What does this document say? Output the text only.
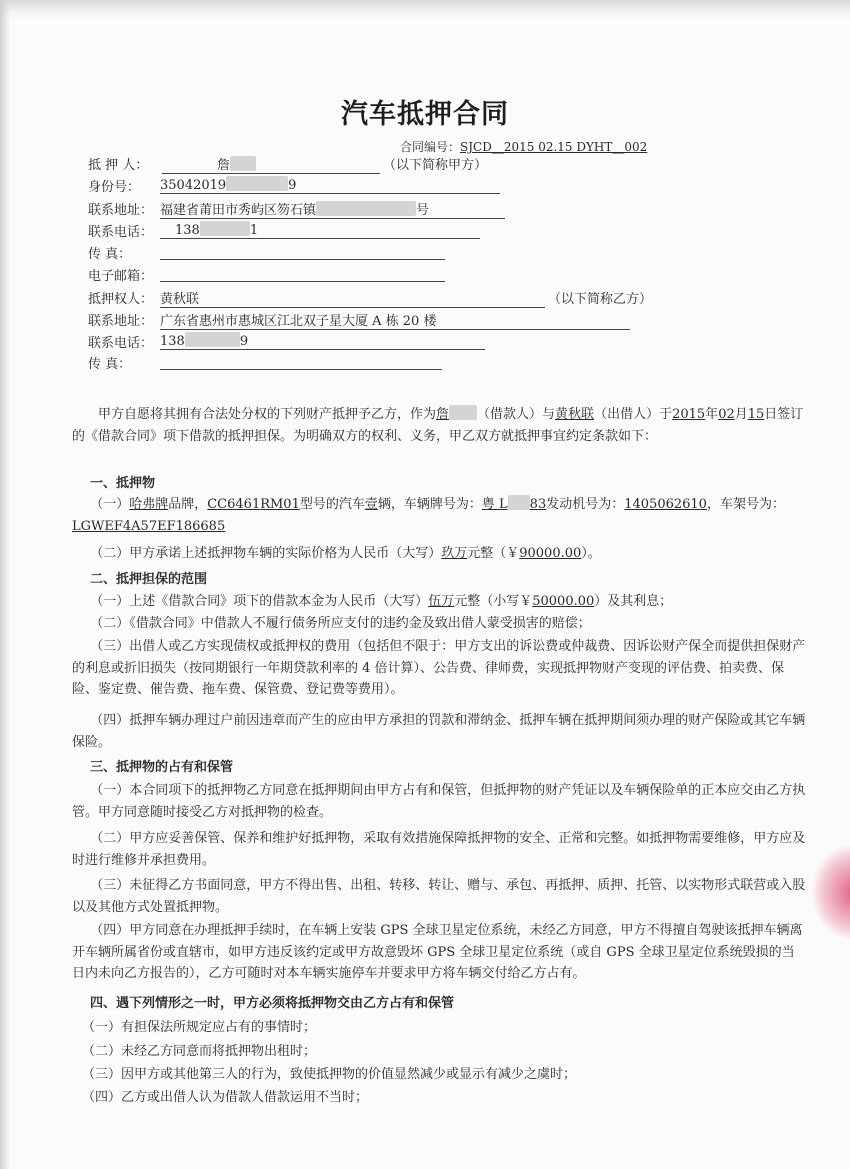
汽车抵押合同
合同编号：SJCD__2015 02.15 DYHT__002
抵 押 人：	詹	（以下简称甲方）
身份号： 35042019	9
联系地址： 福建省莆田市秀屿区笏石镇	号
联系电话：	138	1
传 真：
电子邮箱：
抵押权人： 黄秋联	（以下简称乙方）
联系地址： 广东省惠州市惠城区江北双子星大厦 A 栋 20 楼
联系电话： 138	9
传 真：
甲方自愿将其拥有合法处分权的下列财产抵押予乙方，作为詹 （借款人）与黄秋联（出借人）于2015年02月15日签订的《借款合同》项下借款的抵押担保。为明确双方的权利、义务，甲乙双方就抵押事宜约定条款如下：
一、抵押物
（一）哈弗牌品牌，CC6461RM01型号的汽车壹辆，车辆牌号为：粤 L 83发动机号为：1405062610，车架号为：LGWEF4A57EF186685
（二）甲方承诺上述抵押物车辆的实际价格为人民币（大写）玖万元整（￥90000.00）。
二、抵押担保的范围
（一）上述《借款合同》项下的借款本金为人民币（大写）伍万元整（小写￥50000.00）及其利息；
（二）《借款合同》中借款人不履行债务所应支付的违约金及致出借人蒙受损害的赔偿；
（三）出借人或乙方实现债权或抵押权的费用（包括但不限于：甲方支出的诉讼费或仲裁费、因诉讼财产保全而提供担保财产的利息或折旧损失（按同期银行一年期贷款利率的 4 倍计算）、公告费、律师费，实现抵押物财产变现的评估费、拍卖费、保险、鉴定费、催告费、拖车费、保管费、登记费等费用）。
（四）抵押车辆办理过户前因违章而产生的应由甲方承担的罚款和滞纳金、抵押车辆在抵押期间须办理的财产保险或其它车辆保险。
三、抵押物的占有和保管
（一）本合同项下的抵押物乙方同意在抵押期间由甲方占有和保管，但抵押物的财产凭证以及车辆保险单的正本应交由乙方执管。甲方同意随时接受乙方对抵押物的检查。
（二）甲方应妥善保管、保养和维护好抵押物，采取有效措施保障抵押物的安全、正常和完整。如抵押物需要维修，甲方应及时进行维修并承担费用。
（三）未征得乙方书面同意，甲方不得出售、出租、转移、转让、赠与、承包、再抵押、质押、托管、以实物形式联营或入股以及其他方式处置抵押物。
（四）甲方同意在办理抵押手续时，在车辆上安装 GPS 全球卫星定位系统，未经乙方同意，甲方不得擅自驾驶该抵押车辆离开车辆所属省份或直辖市，如甲方违反该约定或甲方故意毁坏 GPS 全球卫星定位系统（或自 GPS 全球卫星定位系统毁损的当日内未向乙方报告的），乙方可随时对本车辆实施停车并要求甲方将车辆交付给乙方占有。
四、遇下列情形之一时，甲方必须将抵押物交由乙方占有和保管
（一）有担保法所规定应占有的事情时；
（二）未经乙方同意而将抵押物出租时；
（三）因甲方或其他第三人的行为，致使抵押物的价值显然减少或显示有减少之虞时；
（四）乙方或出借人认为借款人借款运用不当时；
